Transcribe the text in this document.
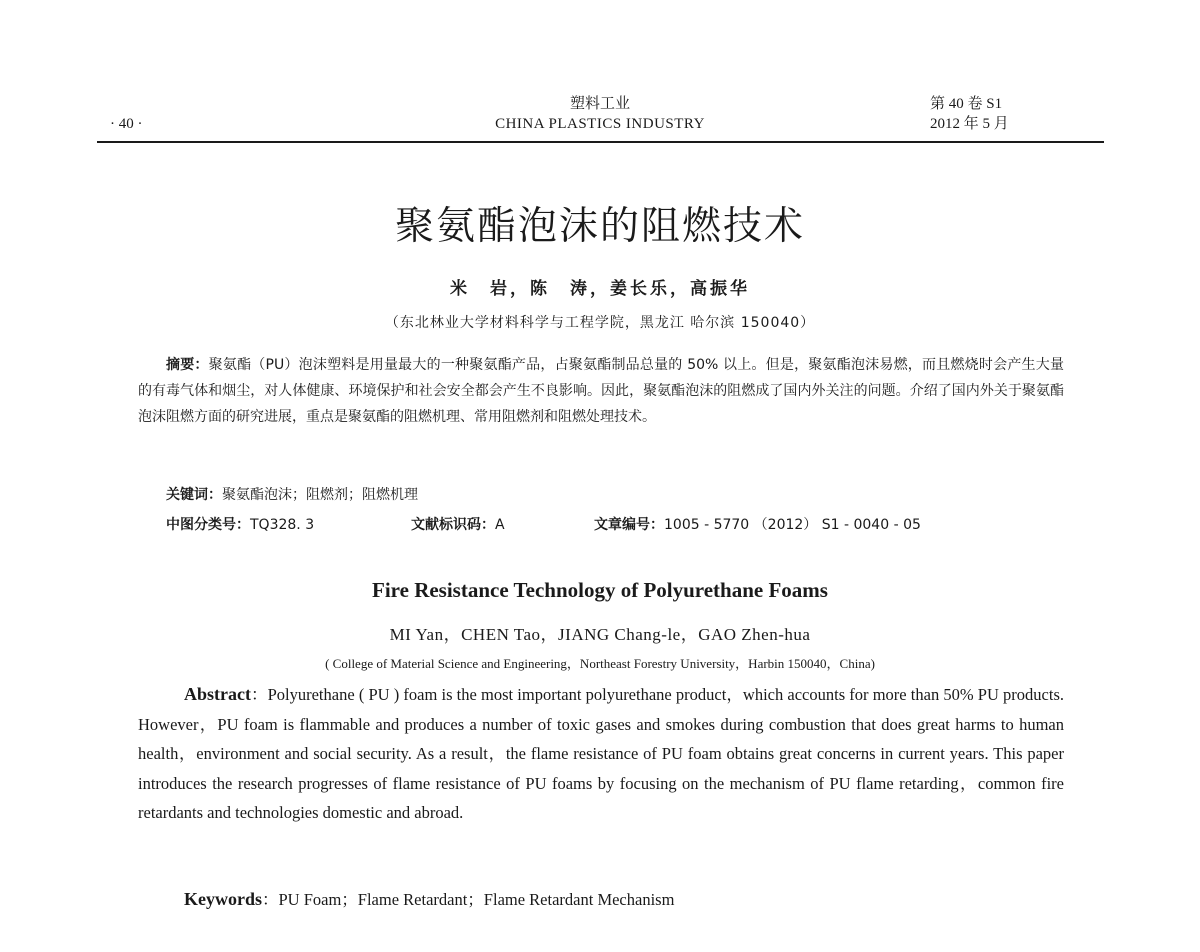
· 40 ·
塑料工业
CHINA PLASTICS INDUSTRY
第 40 卷 S1
2012 年 5 月
聚氨酯泡沫的阻燃技术
米　岩，陈　涛，姜长乐，高振华
（东北林业大学材料科学与工程学院，黑龙江 哈尔滨 150040）
摘要：聚氨酯（PU）泡沫塑料是用量最大的一种聚氨酯产品，占聚氨酯制品总量的 50% 以上。但是，聚氨酯泡沫易燃，而且燃烧时会产生大量的有毒气体和烟尘，对人体健康、环境保护和社会安全都会产生不良影响。因此，聚氨酯泡沫的阻燃成了国内外关注的问题。介绍了国内外关于聚氨酯泡沫阻燃方面的研究进展，重点是聚氨酯的阻燃机理、常用阻燃剂和阻燃处理技术。
关键词：聚氨酯泡沫；阻燃剂；阻燃机理
中图分类号：TQ328. 3	文献标识码：A	文章编号：1005 - 5770 （2012） S1 - 0040 - 05
Fire Resistance Technology of Polyurethane Foams
MI Yan，CHEN Tao，JIANG Chang-le，GAO Zhen-hua
( College of Material Science and Engineering，Northeast Forestry University，Harbin 150040，China)
Abstract：Polyurethane ( PU ) foam is the most important polyurethane product，which accounts for more than 50% PU products. However，PU foam is flammable and produces a number of toxic gases and smokes during combustion that does great harms to human health，environment and social security. As a result，the flame resistance of PU foam obtains great concerns in current years. This paper introduces the research progresses of flame resistance of PU foams by focusing on the mechanism of PU flame retarding，common fire retardants and technologies domestic and abroad.
Keywords：PU Foam；Flame Retardant；Flame Retardant Mechanism
